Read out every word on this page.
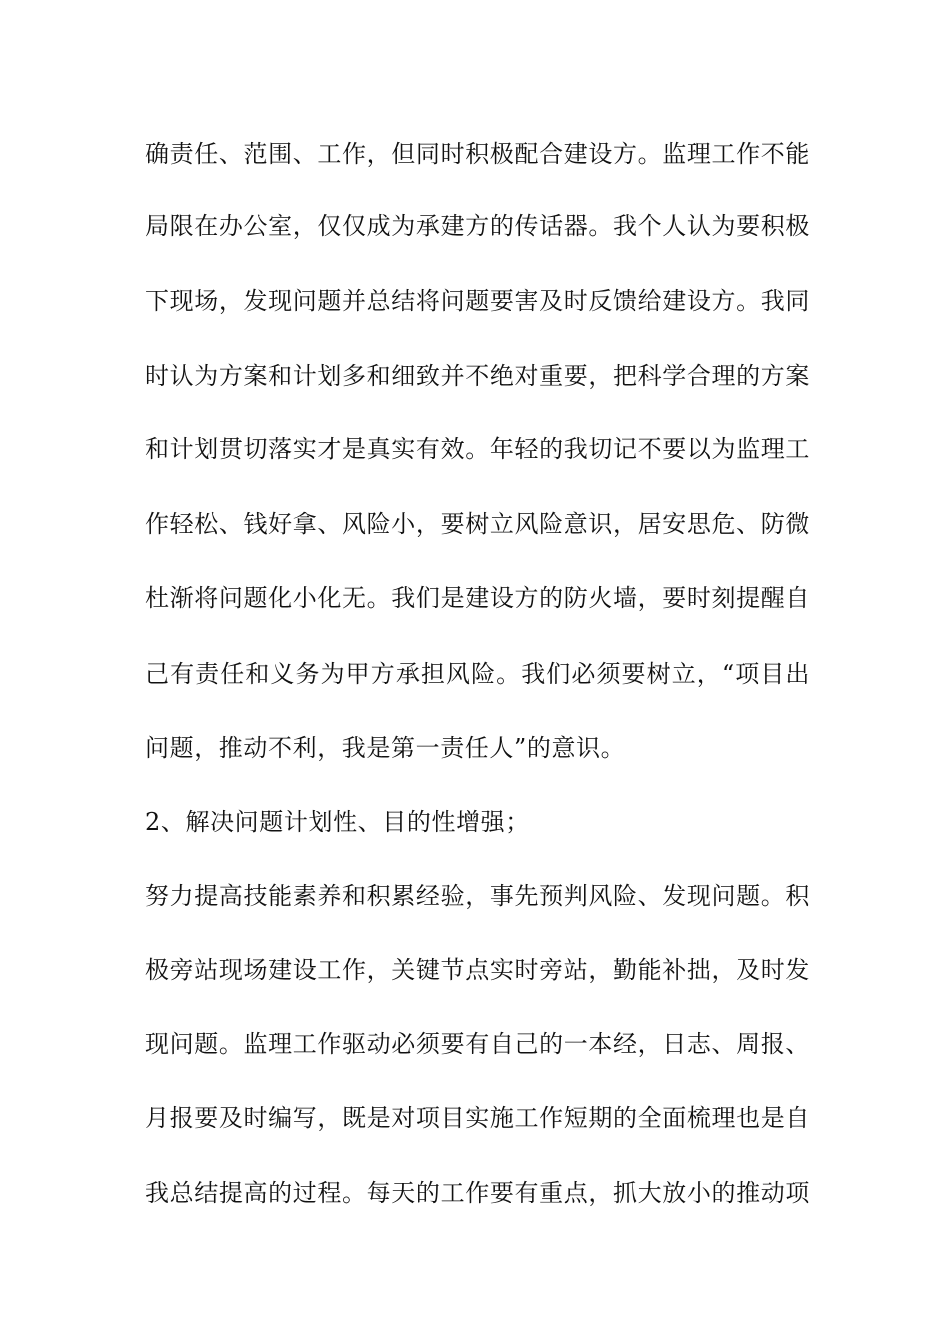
确责任、范围、工作，但同时积极配合建设方。监理工作不能
局限在办公室，仅仅成为承建方的传话器。我个人认为要积极
下现场，发现问题并总结将问题要害及时反馈给建设方。我同
时认为方案和计划多和细致并不绝对重要，把科学合理的方案
和计划贯切落实才是真实有效。年轻的我切记不要以为监理工
作轻松、钱好拿、风险小，要树立风险意识，居安思危、防微
杜渐将问题化小化无。我们是建设方的防火墙，要时刻提醒自
己有责任和义务为甲方承担风险。我们必须要树立，“项目出
问题，推动不利，我是第一责任人”的意识。
2、解决问题计划性、目的性增强；
努力提高技能素养和积累经验，事先预判风险、发现问题。积
极旁站现场建设工作，关键节点实时旁站，勤能补拙，及时发
现问题。监理工作驱动必须要有自己的一本经，日志、周报、
月报要及时编写，既是对项目实施工作短期的全面梳理也是自
我总结提高的过程。每天的工作要有重点，抓大放小的推动项
